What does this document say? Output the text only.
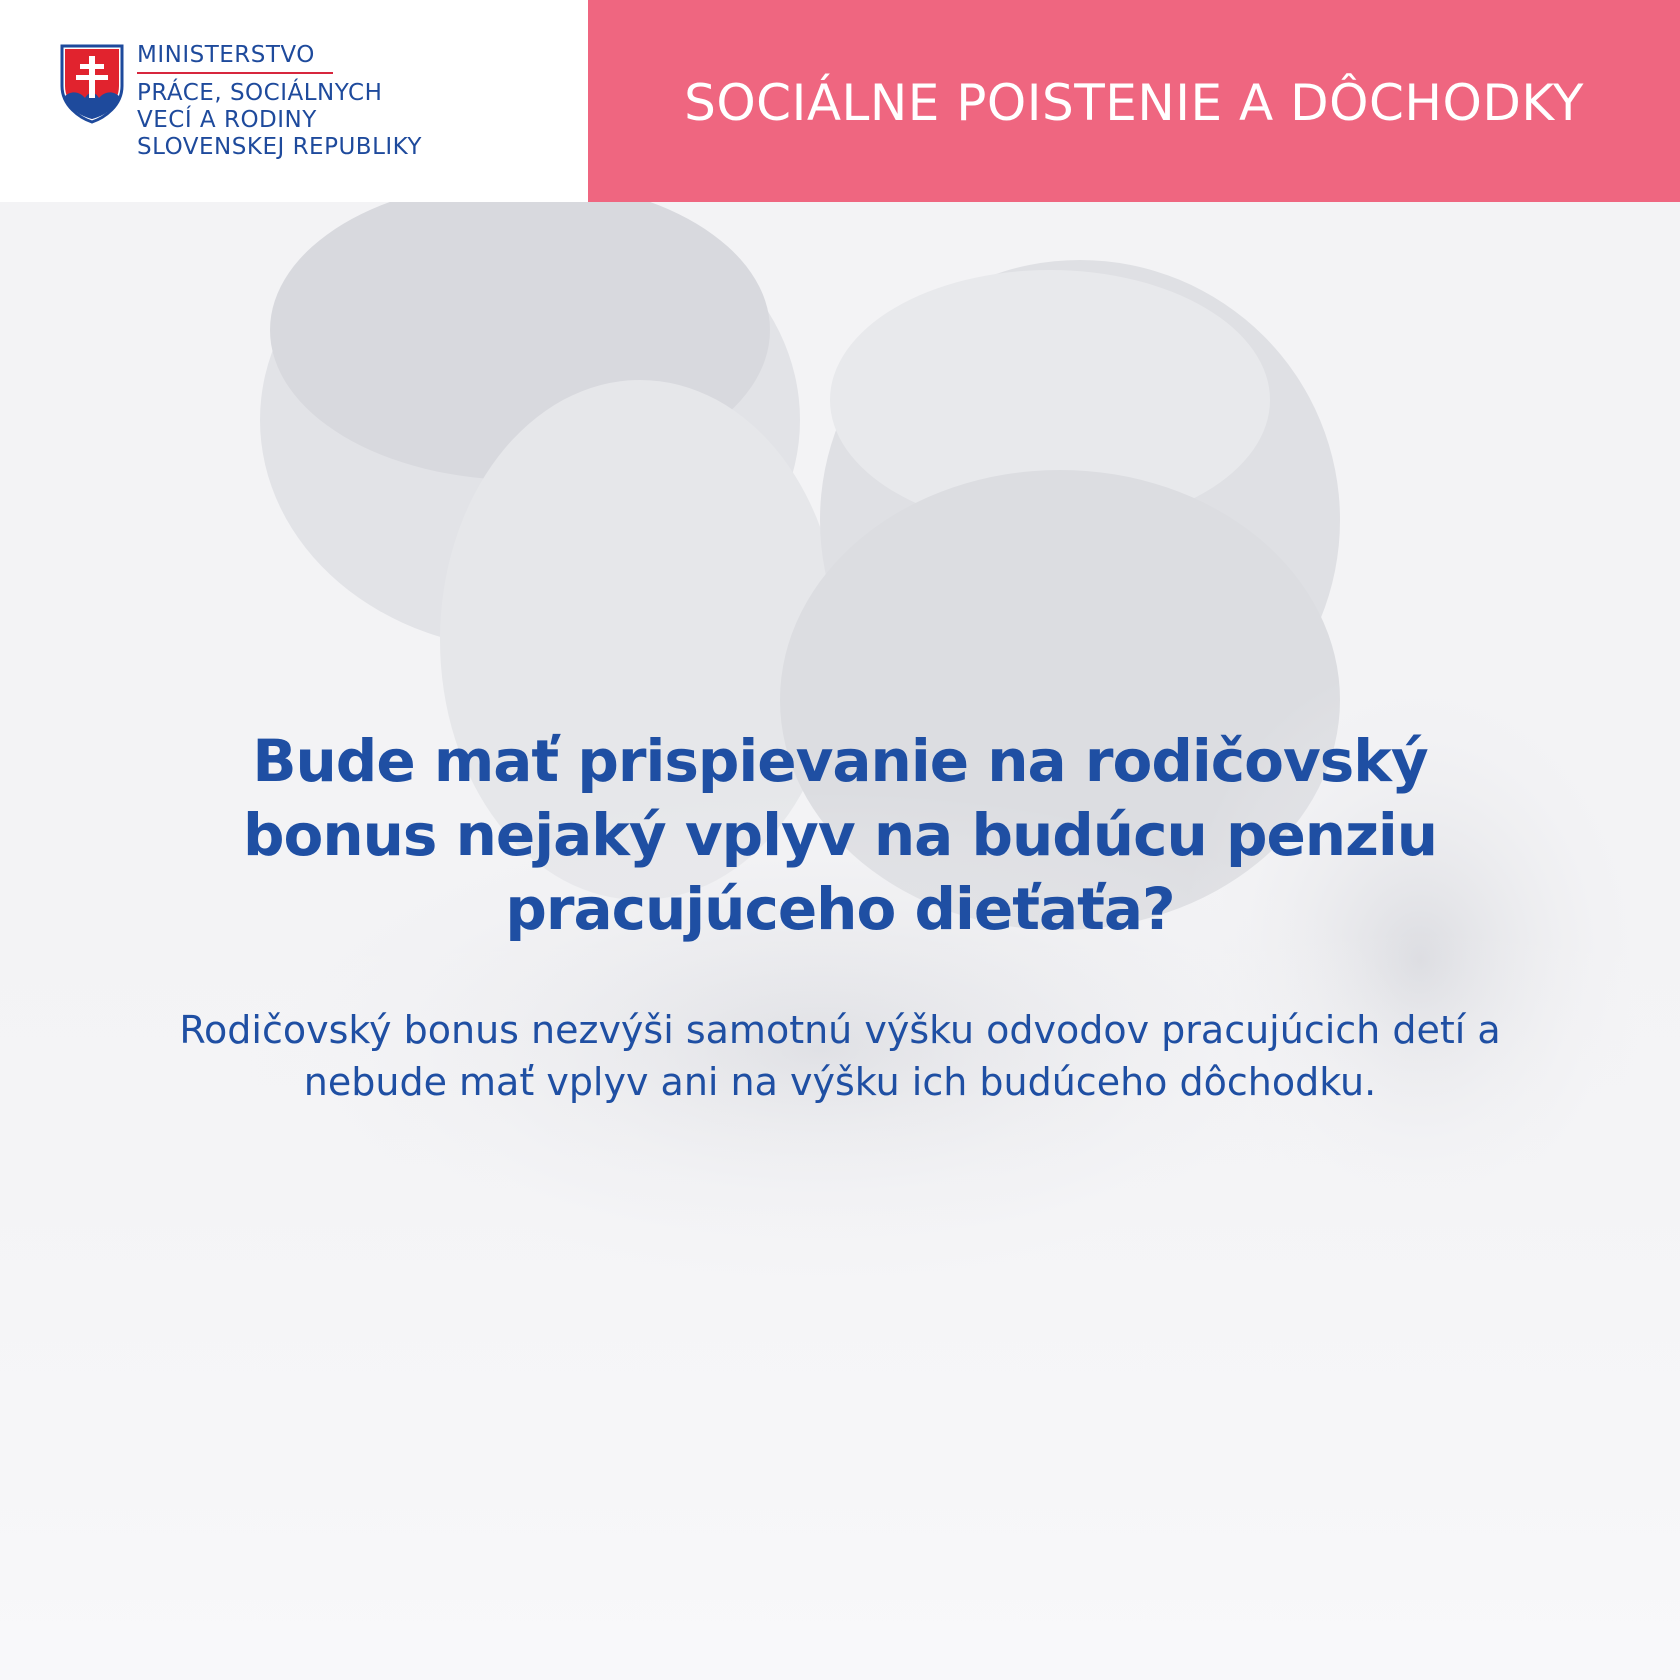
MINISTERSTVO
PRÁCE, SOCIÁLNYCH
VECÍ A RODINY
SLOVENSKEJ REPUBLIKY
SOCIÁLNE POISTENIE A DÔCHODKY
Bude mať prispievanie na rodičovský bonus nejaký vplyv na budúcu penziu pracujúceho dieťaťa?
Rodičovský bonus nezvýši samotnú výšku odvodov pracujúcich detí a nebude mať vplyv ani na výšku ich budúceho dôchodku.
